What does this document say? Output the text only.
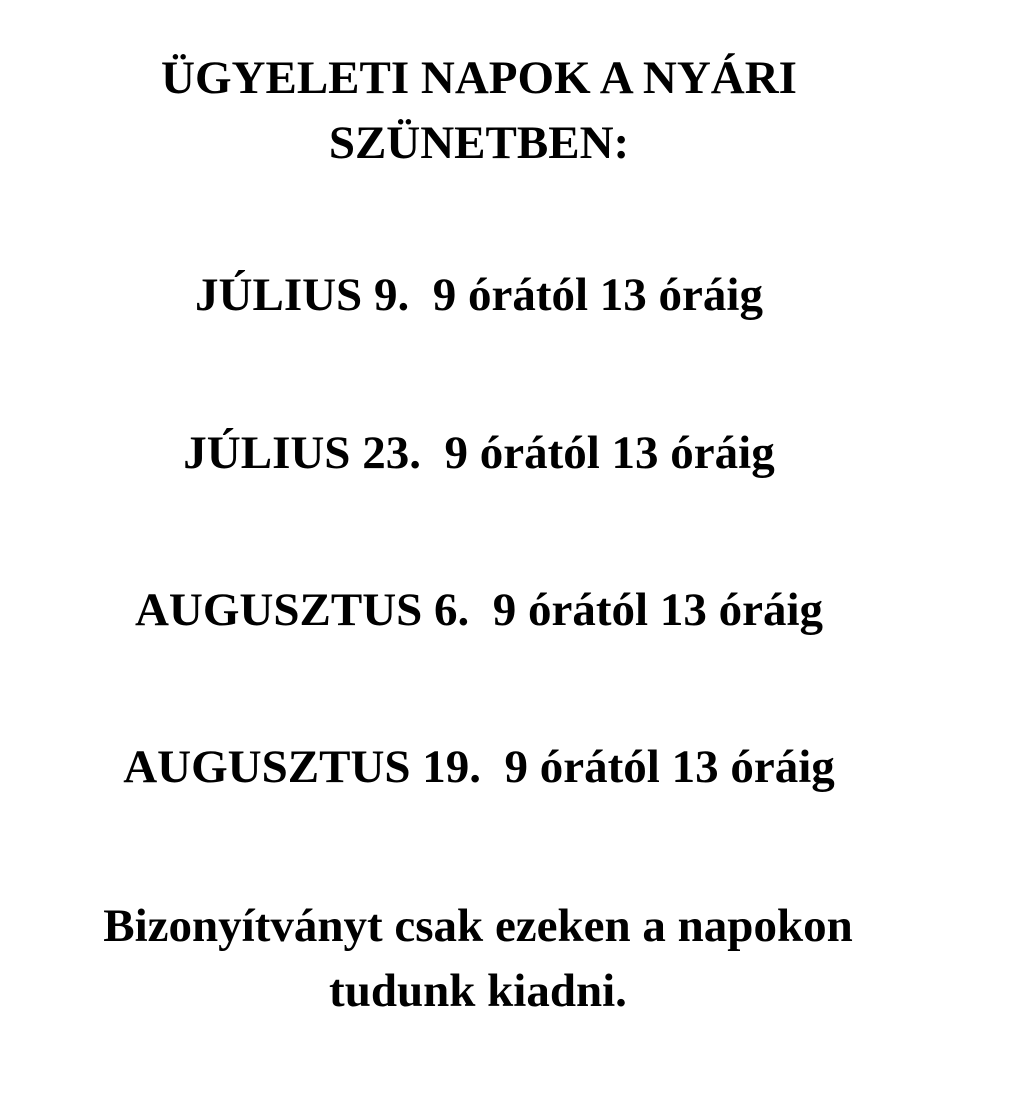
ÜGYELETI NAPOK A NYÁRI
SZÜNETBEN:
JÚLIUS 9. 9 órától 13 óráig
JÚLIUS 23. 9 órától 13 óráig
AUGUSZTUS 6. 9 órától 13 óráig
AUGUSZTUS 19. 9 órától 13 óráig
Bizonyítványt csak ezeken a napokon
tudunk kiadni.
